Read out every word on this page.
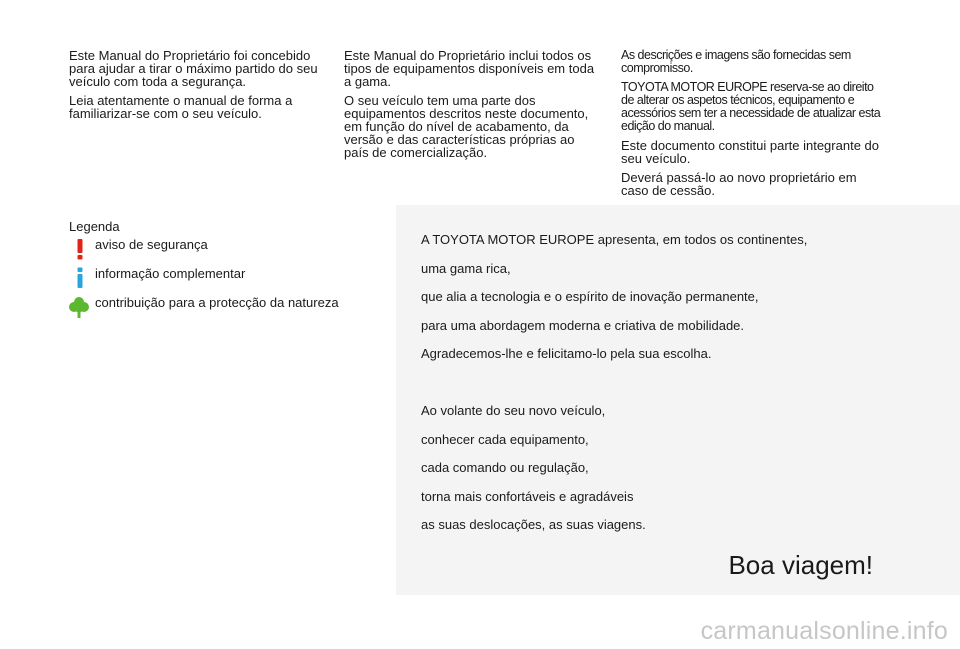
Este Manual do Proprietário foi concebido para ajudar a tirar o máximo partido do seu veículo com toda a segurança.

Leia atentamente o manual de forma a familiarizar-se com o seu veículo.

Este Manual do Proprietário inclui todos os tipos de equipamentos disponíveis em toda a gama.

O seu veículo tem uma parte dos equipamentos descritos neste documento, em função do nível de acabamento, da versão e das características próprias ao país de comercialização.

As descrições e imagens são fornecidas sem compromisso.

TOYOTA MOTOR EUROPE reserva-se ao direito de alterar os aspetos técnicos, equipamento e acessórios sem ter a necessidade de atualizar esta edição do manual.

Este documento constitui parte integrante do seu veículo.

Deverá passá-lo ao novo proprietário em caso de cessão.

Legenda
aviso de segurança
informação complementar
contribuição para a protecção da natureza
A TOYOTA MOTOR EUROPE apresenta, em todos os continentes,
uma gama rica,
que alia a tecnologia e o espírito de inovação permanente,
para uma abordagem moderna e criativa de mobilidade.
Agradecemos-lhe e felicitamo-lo pela sua escolha.
Ao volante do seu novo veículo,
conhecer cada equipamento,
cada comando ou regulação,
torna mais confortáveis e agradáveis
as suas deslocações, as suas viagens.
Boa viagem!
carmanualsonline.info
